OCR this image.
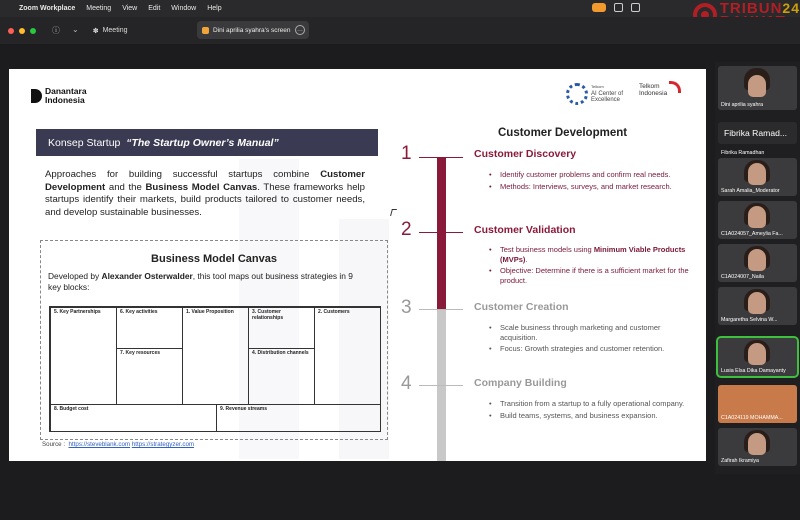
Zoom Workplace Meeting View Edit Window Help	TRIBUN24
ⓘ ⌄ ✽ Meeting	Dini aprilia syahra's screen	…
Danantara
Indonesia
Telkom
AI Center of
Excellence
Telkom
Indonesia
Konsep Startup
“The Startup Owner’s Manual”
Approaches for building successful startups combine Customer Development and the Business Model Canvas. These frameworks help startups identify their markets, build products tailored to customer needs, and develop sustainable businesses.
Business Model Canvas
Developed by Alexander Osterwalder, this tool maps out business strategies in 9 key blocks:
5. Key Partnerships	6. Key activities
7. Key resources
1. Value Proposition	3. Customer relationships
4. Distribution channels
2. Customers
8. Budget cost	9. Revenue streams
Source :  https://steveblank.com https://strategyzer.com
Customer Development
1	Customer Discovery
• Identify customer problems and confirm real needs.
• Methods: Interviews, surveys, and market research.
2	Customer Validation
• Test business models using Minimum Viable Products (MVPs).
• Objective: Determine if there is a sufficient market for the product.
3	Customer Creation
• Scale business through marketing and customer acquisition.
• Focus: Growth strategies and customer retention.
4	Company Building
• Transition from a startup to a fully operational company.
• Build teams, systems, and business expansion.
Dini aprilia syahra
Fibrika Ramad...
Fibrika Ramadhan
Sarah Amalia_Moderator
C1A024057_Ameylia Fa...
C1A024007_Naila
Margaretha Selvina W...
Lusia Elsa Dika Damayanty
C1A024119 MOHAMMA...
Zafirah Ikramiya
